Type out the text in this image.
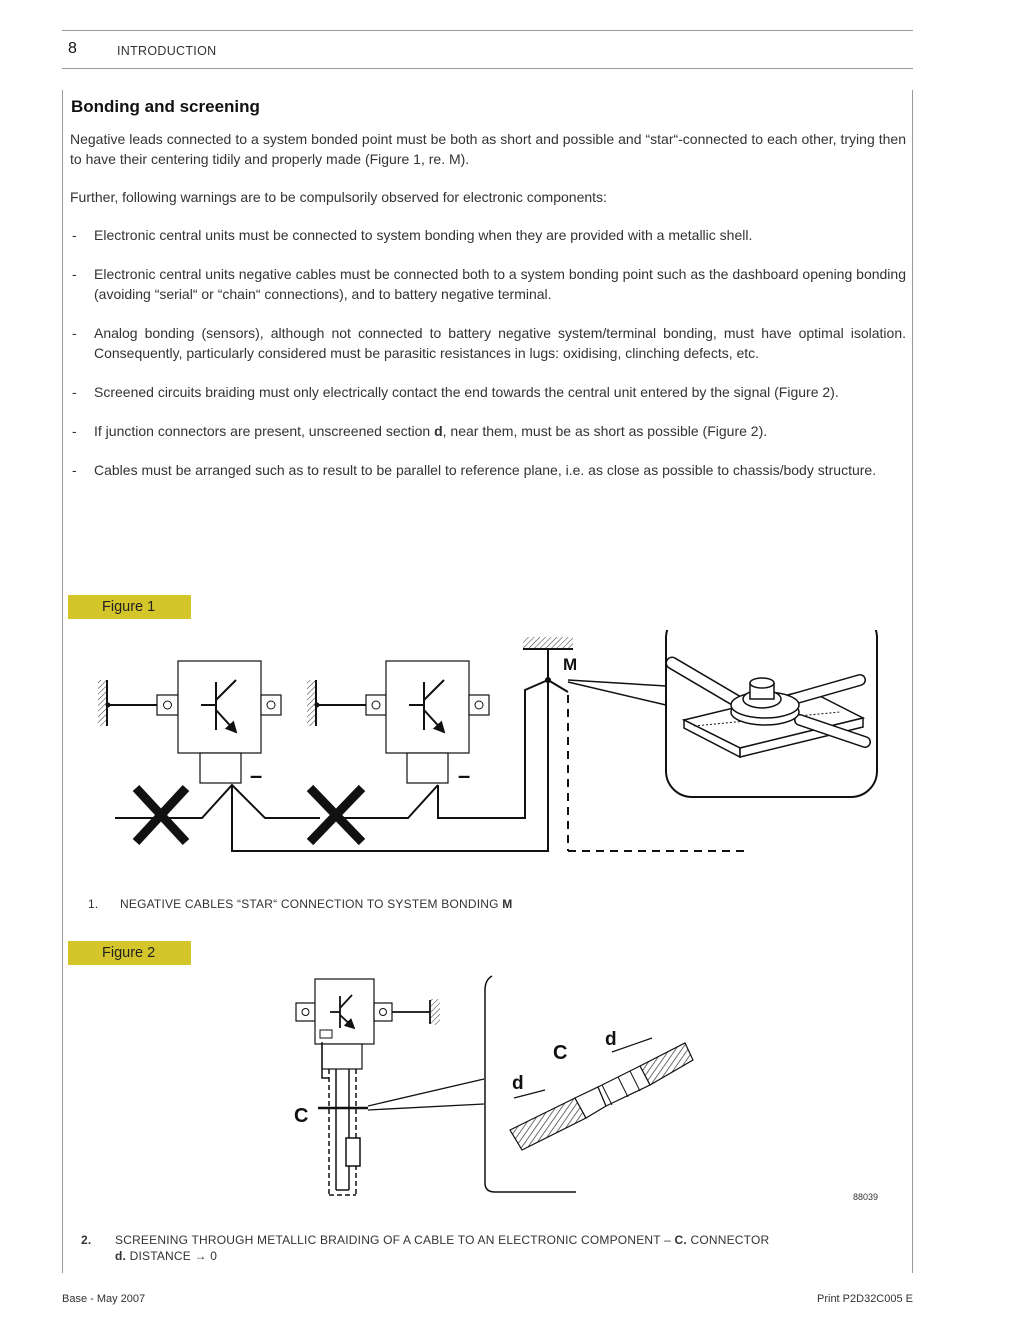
8	INTRODUCTION
Bonding and screening
Negative leads connected to a system bonded point must be both as short and possible and “star“-connected to each other, trying then to have their centering tidily and properly made (Figure 1, re. M).
Further, following warnings are to be compulsorily observed for electronic components:
- Electronic central units must be connected to system bonding when they are provided with a metallic shell.
- Electronic central units negative cables must be connected both to a system bonding point such as the dashboard opening bonding (avoiding “serial“ or “chain“ connections), and to battery negative terminal.
- Analog bonding (sensors), although not connected to battery negative system/terminal bonding, must have optimal isolation. Consequently, particularly considered must be parasitic resistances in lugs: oxidising, clinching defects, etc.
- Screened circuits braiding must only electrically contact the end towards the central unit entered by the signal (Figure 2).
- If junction connectors are present, unscreened section d, near them, must be as short as possible (Figure 2).
- Cables must be arranged such as to result to be parallel to reference plane, i.e. as close as possible to chassis/body structure.
Figure 1
–	–
M
1. NEGATIVE CABLES “STAR“ CONNECTION TO SYSTEM BONDING M
Figure 2
C
C
d
d
88039
2. SCREENING THROUGH METALLIC BRAIDING OF A CABLE TO AN ELECTRONIC COMPONENT – C. CONNECTOR
d. DISTANCE → 0
Base - May 2007	Print P2D32C005 E
